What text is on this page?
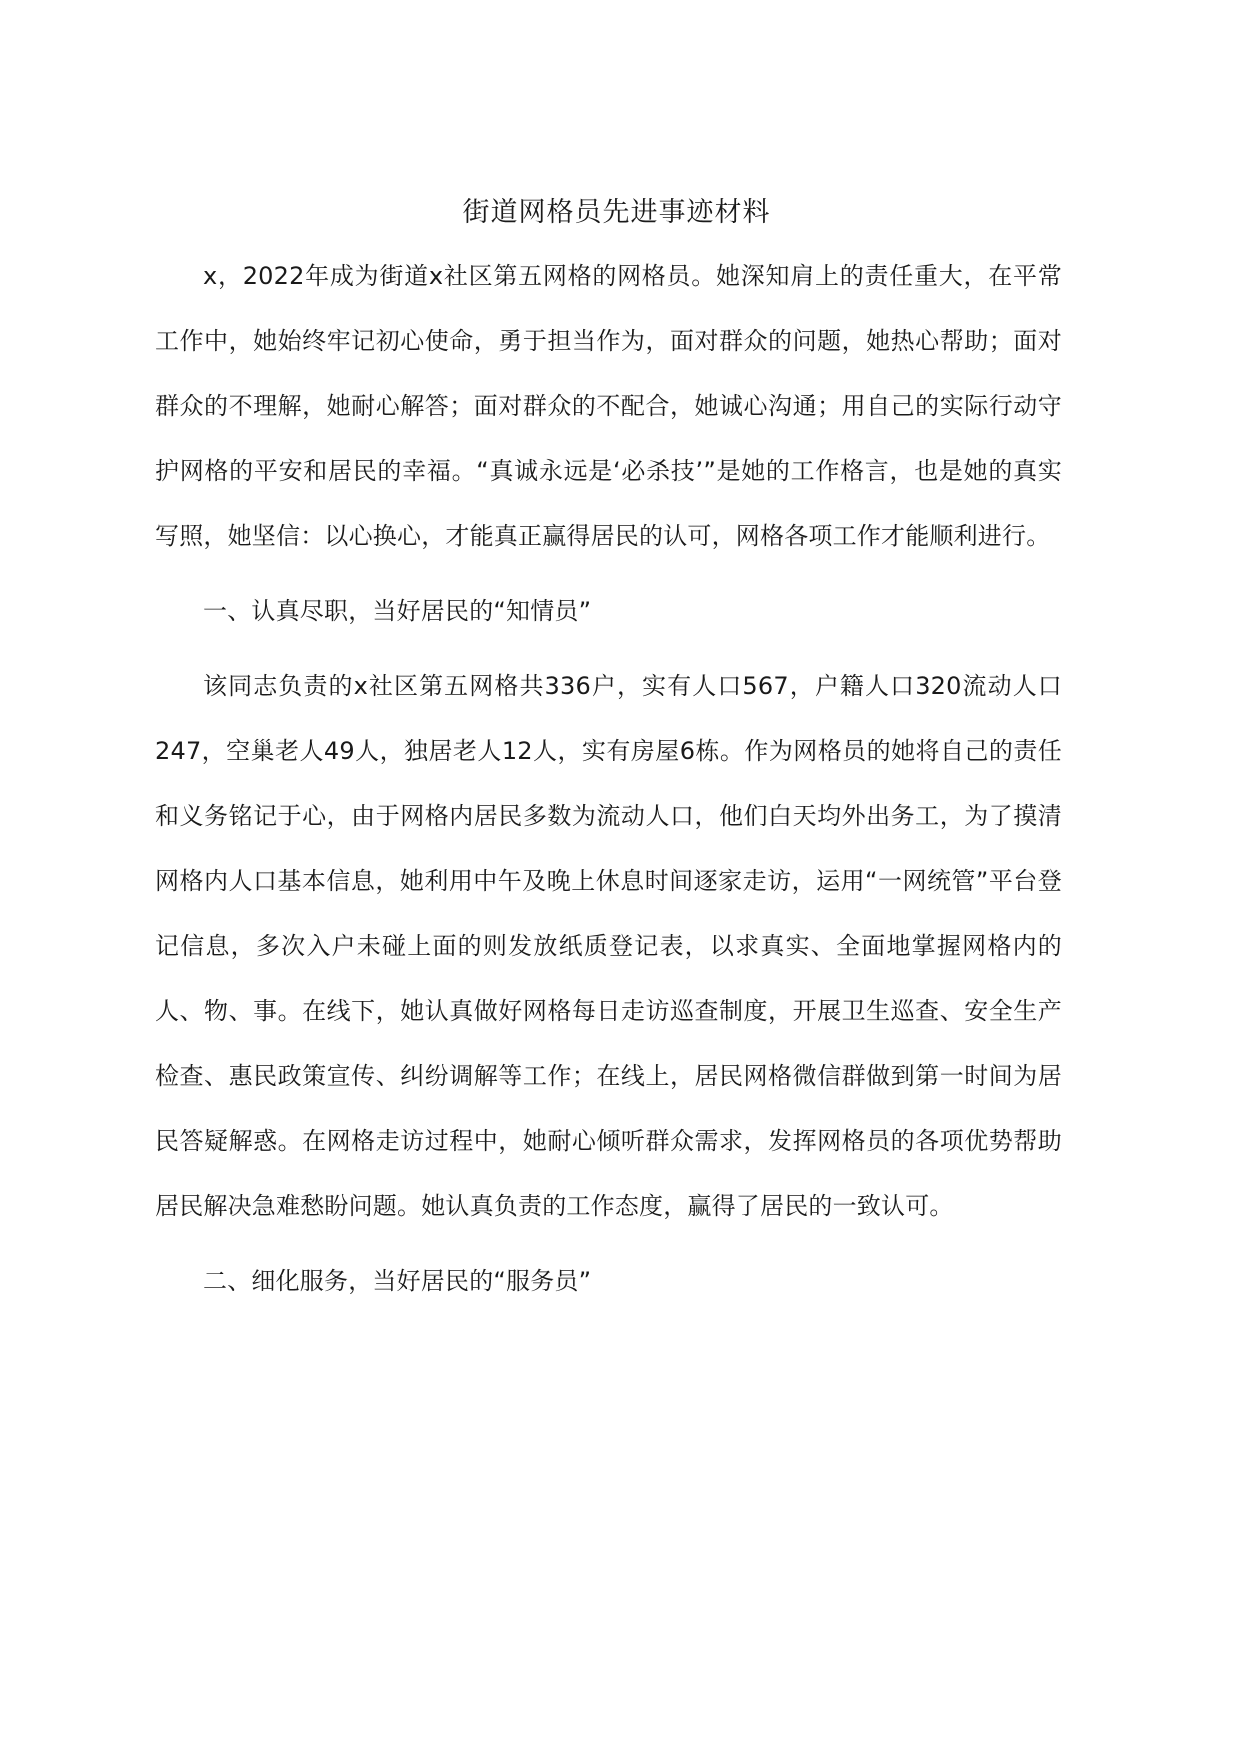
街道网格员先进事迹材料

x，2022年成为街道x社区第五网格的网格员。她深知肩上的责任重大，在平常工作中，她始终牢记初心使命，勇于担当作为，面对群众的问题，她热心帮助；面对群众的不理解，她耐心解答；面对群众的不配合，她诚心沟通；用自己的实际行动守护网格的平安和居民的幸福。“真诚永远是‘必杀技’”是她的工作格言，也是她的真实写照，她坚信：以心换心，才能真正赢得居民的认可，网格各项工作才能顺利进行。

一、认真尽职，当好居民的“知情员”

该同志负责的x社区第五网格共336户，实有人口567，户籍人口320流动人口247，空巢老人49人，独居老人12人，实有房屋6栋。作为网格员的她将自己的责任和义务铭记于心，由于网格内居民多数为流动人口，他们白天均外出务工，为了摸清网格内人口基本信息，她利用中午及晚上休息时间逐家走访，运用“一网统管”平台登记信息，多次入户未碰上面的则发放纸质登记表，以求真实、全面地掌握网格内的人、物、事。在线下，她认真做好网格每日走访巡查制度，开展卫生巡查、安全生产检查、惠民政策宣传、纠纷调解等工作；在线上，居民网格微信群做到第一时间为居民答疑解惑。在网格走访过程中，她耐心倾听群众需求，发挥网格员的各项优势帮助居民解决急难愁盼问题。她认真负责的工作态度，赢得了居民的一致认可。

二、细化服务，当好居民的“服务员”
